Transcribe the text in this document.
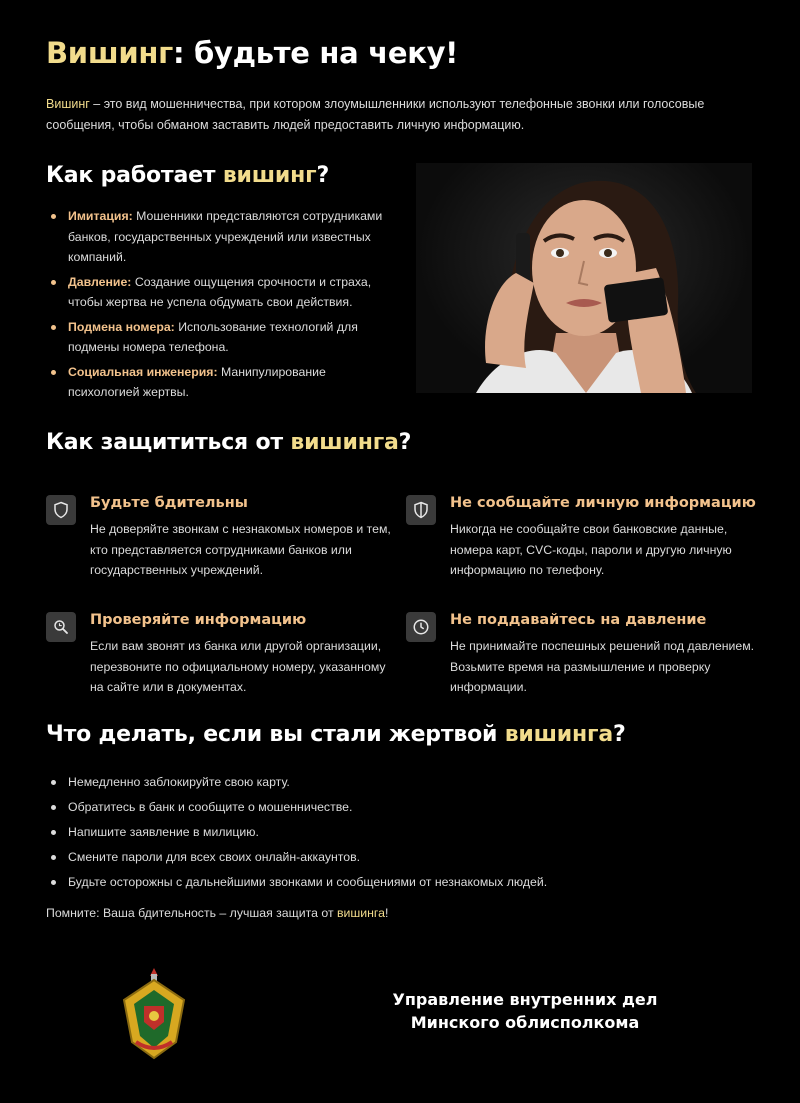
Вишинг: будьте на чеку!

Вишинг – это вид мошенничества, при котором злоумышленники используют телефонные звонки или голосовые сообщения, чтобы обманом заставить людей предоставить личную информацию.

Как работает вишинг?
Имитация: Мошенники представляются сотрудниками банков, государственных учреждений или известных компаний.
Давление: Создание ощущения срочности и страха, чтобы жертва не успела обдумать свои действия.
Подмена номера: Использование технологий для подмены номера телефона.
Социальная инженерия: Манипулирование психологией жертвы.
Как защититься от вишинга?

Будьте бдительны

Не доверяйте звонкам с незнакомых номеров и тем, кто представляется сотрудниками банков или государственных учреждений.

Не сообщайте личную информацию

Никогда не сообщайте свои банковские данные, номера карт, CVC-коды, пароли и другую личную информацию по телефону.

Проверяйте информацию

Если вам звонят из банка или другой организации, перезвоните по официальному номеру, указанному на сайте или в документах.

Не поддавайтесь на давление

Не принимайте поспешных решений под давлением. Возьмите время на размышление и проверку информации.

Что делать, если вы стали жертвой вишинга?
Немедленно заблокируйте свою карту.
Обратитесь в банк и сообщите о мошенничестве.
Напишите заявление в милицию.
Смените пароли для всех своих онлайн-аккаунтов.
Будьте осторожны с дальнейшими звонками и сообщениями от незнакомых людей.

Помните: Ваша бдительность – лучшая защита от вишинга!

Управление внутренних дел
Минского облисполкома
